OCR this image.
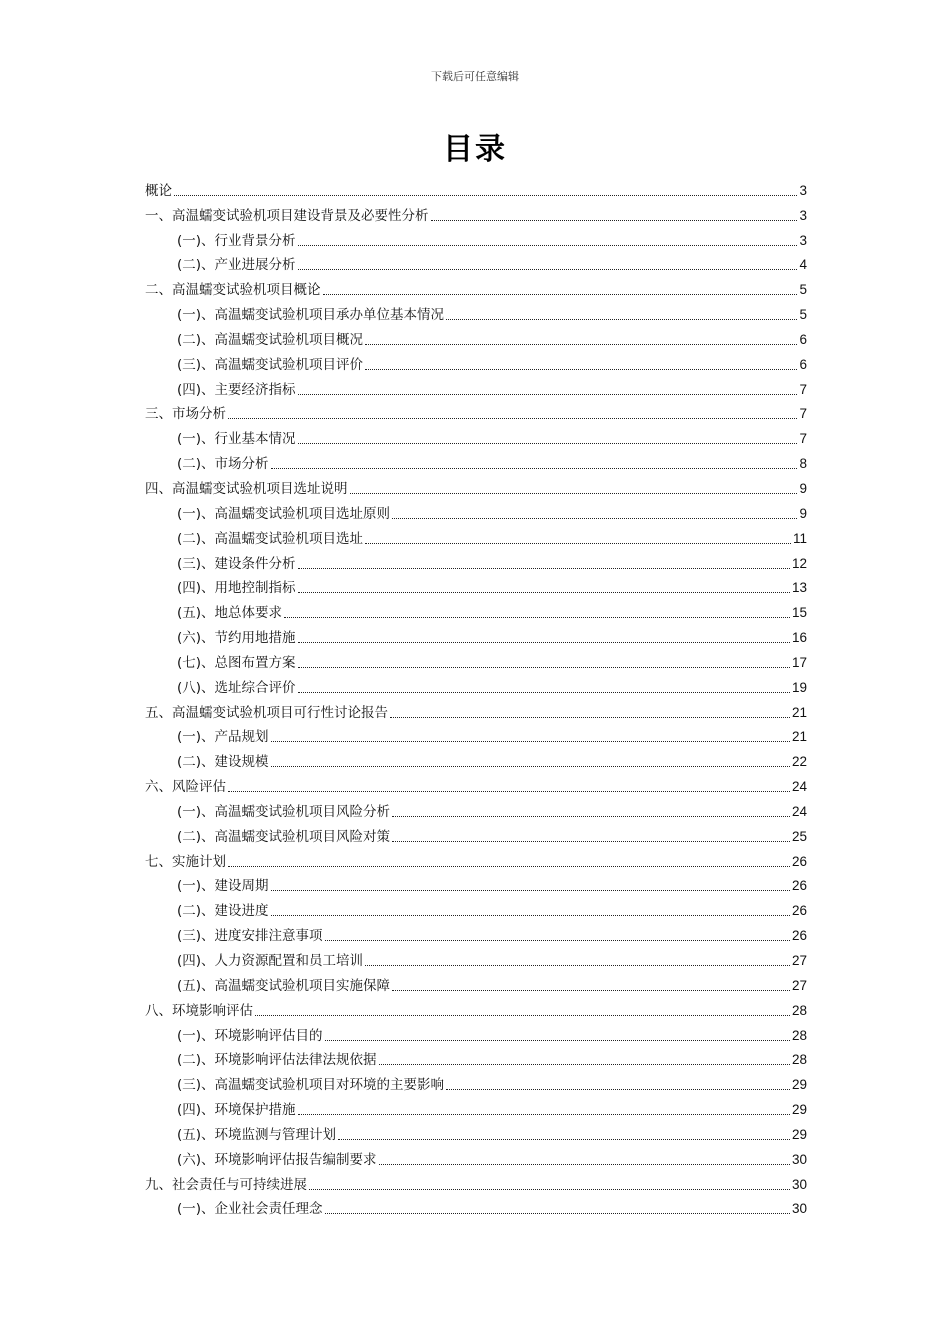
下载后可任意编辑
目录
概论	3
一、高温蠕变试验机项目建设背景及必要性分析	3
(一)、行业背景分析	3
(二)、产业进展分析	4
二、高温蠕变试验机项目概论	5
(一)、高温蠕变试验机项目承办单位基本情况	5
(二)、高温蠕变试验机项目概况	6
(三)、高温蠕变试验机项目评价	6
(四)、主要经济指标	7
三、市场分析	7
(一)、行业基本情况	7
(二)、市场分析	8
四、高温蠕变试验机项目选址说明	9
(一)、高温蠕变试验机项目选址原则	9
(二)、高温蠕变试验机项目选址	11
(三)、建设条件分析	12
(四)、用地控制指标	13
(五)、地总体要求	15
(六)、节约用地措施	16
(七)、总图布置方案	17
(八)、选址综合评价	19
五、高温蠕变试验机项目可行性讨论报告	21
(一)、产品规划	21
(二)、建设规模	22
六、风险评估	24
(一)、高温蠕变试验机项目风险分析	24
(二)、高温蠕变试验机项目风险对策	25
七、实施计划	26
(一)、建设周期	26
(二)、建设进度	26
(三)、进度安排注意事项	26
(四)、人力资源配置和员工培训	27
(五)、高温蠕变试验机项目实施保障	27
八、环境影响评估	28
(一)、环境影响评估目的	28
(二)、环境影响评估法律法规依据	28
(三)、高温蠕变试验机项目对环境的主要影响	29
(四)、环境保护措施	29
(五)、环境监测与管理计划	29
(六)、环境影响评估报告编制要求	30
九、社会责任与可持续进展	30
(一)、企业社会责任理念	30
